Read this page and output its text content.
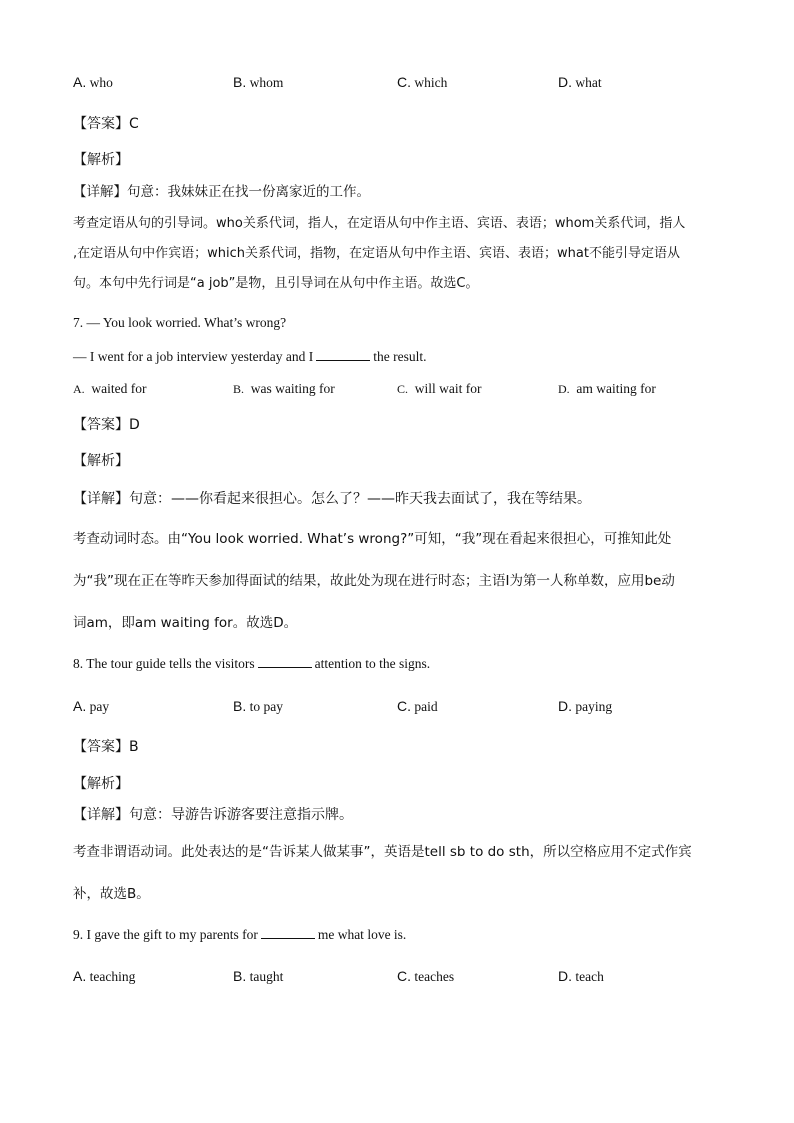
A. who	B. whom	C. which	D. what
【答案】C
【解析】
【详解】句意：我妹妹正在找一份离家近的工作。
考查定语从句的引导词。who关系代词，指人，在定语从句中作主语、宾语、表语；whom关系代词，指人
,在定语从句中作宾语；which关系代词，指物，在定语从句中作主语、宾语、表语；what不能引导定语从
句。本句中先行词是“a job”是物，且引导词在从句中作主语。故选C。
7. — You look worried. What’s wrong?
— I went for a job interview yesterday and I	the result.
A. waited for	B. was waiting for	C. will wait for	D. am waiting for
【答案】D
【解析】
【详解】句意：——你看起来很担心。怎么了？——昨天我去面试了，我在等结果。
考查动词时态。由“You look worried. What’s wrong?”可知，“我”现在看起来很担心，可推知此处
为“我”现在正在等昨天参加得面试的结果，故此处为现在进行时态；主语I为第一人称单数，应用be动
词am，即am waiting for。故选D。
8. The tour guide tells the visitors	attention to the signs.
A. pay	B. to pay	C. paid	D. paying
【答案】B
【解析】
【详解】句意：导游告诉游客要注意指示牌。
考查非谓语动词。此处表达的是“告诉某人做某事”，英语是tell sb to do sth，所以空格应用不定式作宾
补，故选B。
9. I gave the gift to my parents for	me what love is.
A. teaching	B. taught	C. teaches	D. teach
